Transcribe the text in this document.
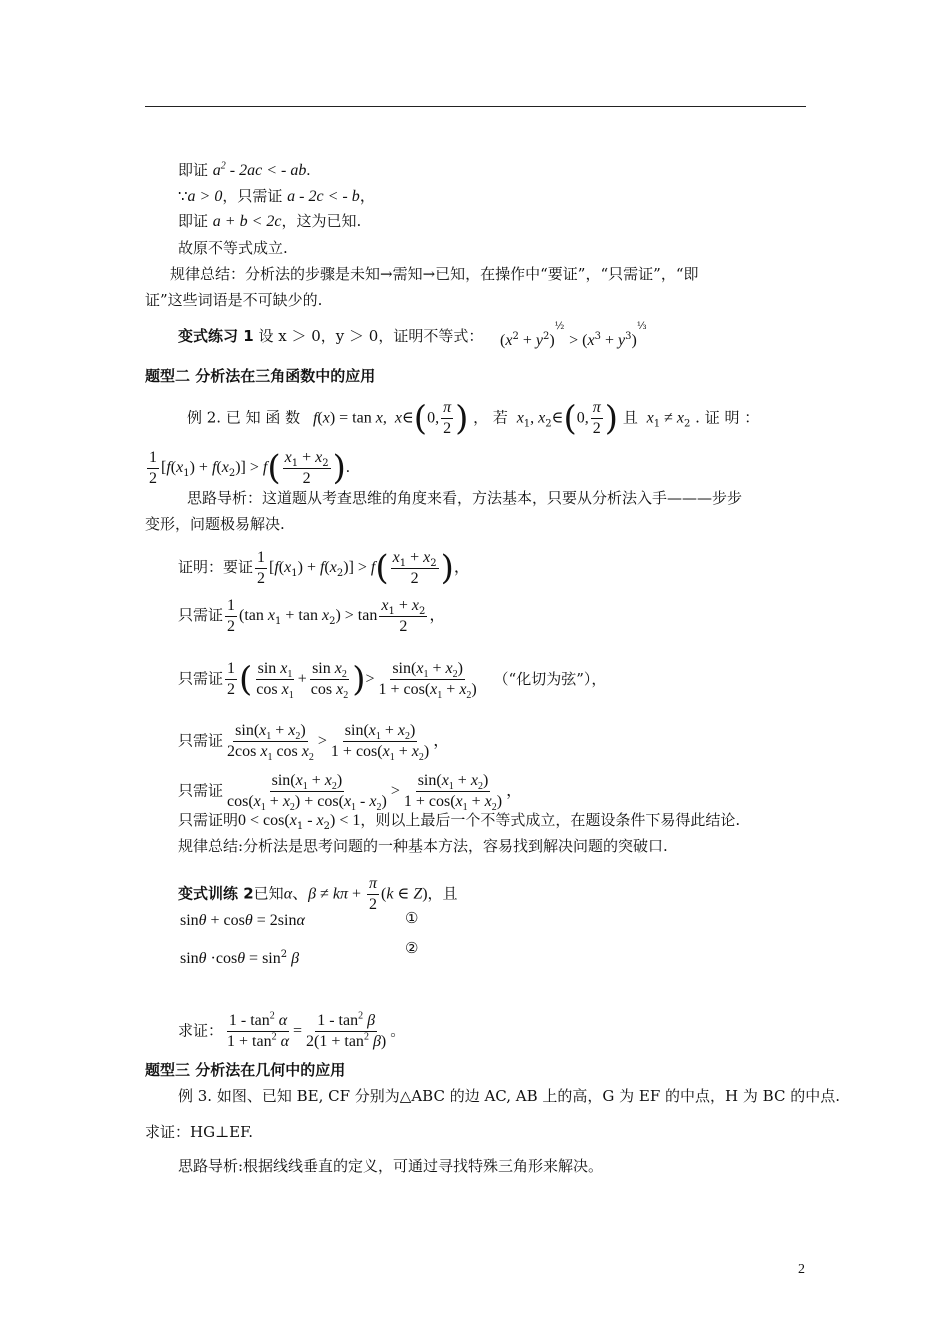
即证 $a^2 - 2ac$ < - ab.
∵a > 0，只需证 a - 2c < - b，
即证 a + b < 2c，这为已知.
故原不等式成立.
规律总结：分析法的步骤是未知→需知→已知，在操作中“要证”，“只需证”，“即
证”这些词语是不可缺少的.
变式练习 1 设 x ＞ 0，y ＞ 0，证明不等式： $(x^2 + y^2)^{\frac{1}{2}} > (x^3 + y^3)^{\frac{1}{3}}$
题型二 分析法在三角函数中的应用
例 2. 已 知 函 数 f(x) = tan x,  x∈(0, $\frac{\pi}{2}$ ) ， 若  $x_1$, $x_2\in(0$, $\frac{\pi}{2}$ ) 且  $x_1 \ne x_2$ . 证 明 ：
$\frac{1}{2} [f(x_1) + f(x_2)] > f( \frac{x_1 + x_2}{2}$ ).
思路导析：这道题从考查思维的角度来看，方法基本，只要从分析法入手———步步
变形，问题极易解决.
证明：要证 $\frac{1}{2} [f(x_1) + f(x_2)] > f( \frac{x_1 + x_2}{2}$ )，
只需证 $\frac{1}{2} (\tan$ $x_1 + \tan x_2) > \tan \frac{x_1 + x_2}{2}$ ，
只需证 $\frac{1}{2}$ ( $\frac{\sin x_1}{\cos x_1} + \frac{\sin x_2}{\cos x_2}$ )> $\frac{\sin(x_1 + x_2)}{1 + \cos(x_1 + x_2)}$ （“化切为弦”），
只需证 $\frac{\sin(x_1 + x_2)}{2\cos x_1 \cos x_2} > \frac{\sin(x_1 + x_2)}{1 + \cos(x_1 + x_2)}$ ，
只需证 $\frac{\sin(x_1 + x_2)}{\cos(x_1 + x_2) + \cos(x_1 - x_2)} > \frac{\sin(x_1 + x_2)}{1 + \cos(x_1 + x_2)}$ ，
只需证明$0 < \cos(x_1 - x_2) < 1$，则以上最后一个不等式成立，在题设条件下易得此结论.
规律总结:分析法是思考问题的一种基本方法，容易找到解决问题的突破口.
变式训练 2已知α、$\beta \ne k\pi + \frac{\pi}{2} (k$ ∈ Z)，且
sinθ + cosθ = 2sinα	①
$\sin\theta \cdot\cos\theta = \sin^2 \beta$
②
求证： $\frac{1 - \tan^2 \alpha}{1 + \tan^2 \alpha} = \frac{1 - \tan^2 \beta}{2(1 + \tan^2 \beta)}$ 。
题型三 分析法在几何中的应用
例 3. 如图、已知 BE, CF 分别为△ABC 的边 AC, AB 上的高，G 为 EF 的中点，H 为 BC 的中点.
求证：HG⊥EF.
思路导析:根据线线垂直的定义，可通过寻找特殊三角形来解决。
2
